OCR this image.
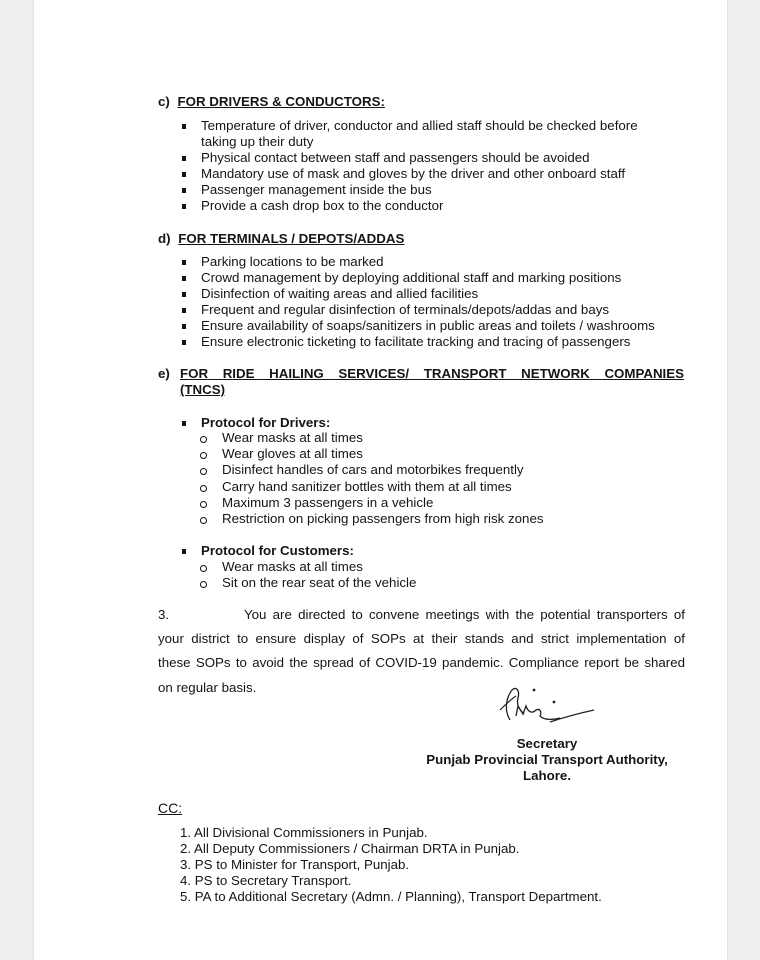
c) FOR DRIVERS & CONDUCTORS:
Temperature of driver, conductor and allied staff should be checked before
taking up their duty
Physical contact between staff and passengers should be avoided
Mandatory use of mask and gloves by the driver and other onboard staff
Passenger management inside the bus
Provide a cash drop box to the conductor
d) FOR TERMINALS / DEPOTS/ADDAS
Parking locations to be marked
Crowd management by deploying additional staff and marking positions
Disinfection of waiting areas and allied facilities
Frequent and regular disinfection of terminals/depots/addas and bays
Ensure availability of soaps/sanitizers in public areas and toilets / washrooms
Ensure electronic ticketing to facilitate tracking and tracing of passengers
e) FOR RIDE HAILING SERVICES/ TRANSPORT NETWORK COMPANIES
(TNCS)
Protocol for Drivers:
Wear masks at all times
Wear gloves at all times
Disinfect handles of cars and motorbikes frequently
Carry hand sanitizer bottles with them at all times
Maximum 3 passengers in a vehicle
Restriction on picking passengers from high risk zones
Protocol for Customers:
Wear masks at all times
Sit on the rear seat of the vehicle
3.	You are directed to convene meetings with the potential transporters of
your district to ensure display of SOPs at their stands and strict implementation of
these SOPs to avoid the spread of COVID-19 pandemic. Compliance report be shared
on regular basis.
Secretary
Punjab Provincial Transport Authority,
Lahore.
CC:
1. All Divisional Commissioners in Punjab.
2. All Deputy Commissioners / Chairman DRTA in Punjab.
3. PS to Minister for Transport, Punjab.
4. PS to Secretary Transport.
5. PA to Additional Secretary (Admn. / Planning), Transport Department.
